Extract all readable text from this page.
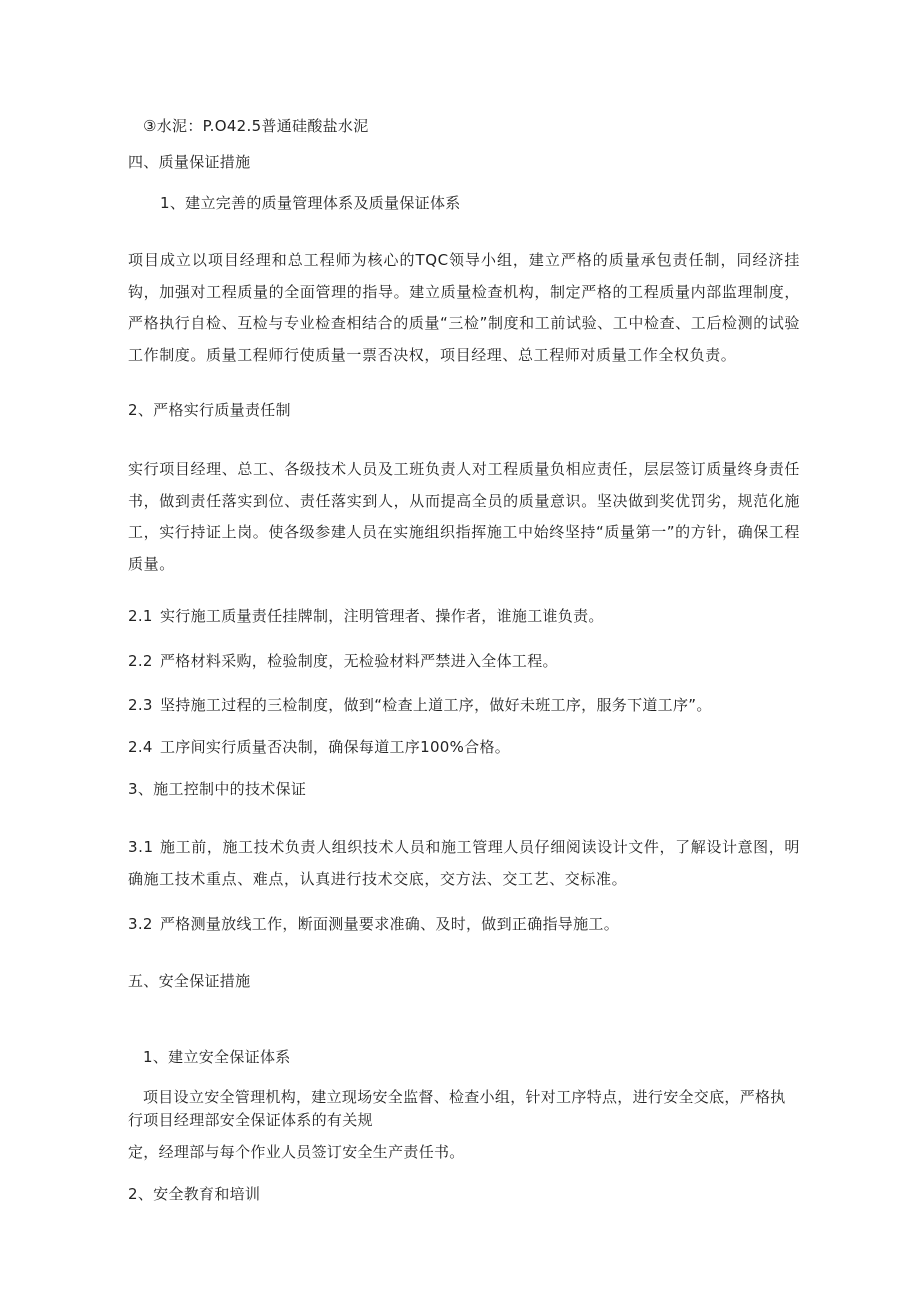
③水泥：P.O42.5普通硅酸盐水泥
四、质量保证措施
1、建立完善的质量管理体系及质量保证体系
项目成立以项目经理和总工程师为核心的TQC领导小组，建立严格的质量承包责任制，同经济挂钩，加强对工程质量的全面管理的指导。建立质量检查机构，制定严格的工程质量内部监理制度，严格执行自检、互检与专业检查相结合的质量“三检”制度和工前试验、工中检查、工后检测的试验工作制度。质量工程师行使质量一票否决权，项目经理、总工程师对质量工作全权负责。
2、严格实行质量责任制
实行项目经理、总工、各级技术人员及工班负责人对工程质量负相应责任，层层签订质量终身责任书，做到责任落实到位、责任落实到人，从而提高全员的质量意识。坚决做到奖优罚劣，规范化施工，实行持证上岗。使各级参建人员在实施组织指挥施工中始终坚持“质量第一”的方针，确保工程质量。
2.1 实行施工质量责任挂牌制，注明管理者、操作者，谁施工谁负责。
2.2 严格材料采购，检验制度，无检验材料严禁进入全体工程。
2.3 坚持施工过程的三检制度，做到“检查上道工序，做好未班工序，服务下道工序”。
2.4 工序间实行质量否决制，确保每道工序100%合格。
3、施工控制中的技术保证
3.1 施工前，施工技术负责人组织技术人员和施工管理人员仔细阅读设计文件，了解设计意图，明确施工技术重点、难点，认真进行技术交底，交方法、交工艺、交标准。
3.2 严格测量放线工作，断面测量要求准确、及时，做到正确指导施工。
五、安全保证措施
1、建立安全保证体系
项目设立安全管理机构，建立现场安全监督、检查小组，针对工序特点，进行安全交底，严格执
行项目经理部安全保证体系的有关规
定，经理部与每个作业人员签订安全生产责任书。
2、安全教育和培训
